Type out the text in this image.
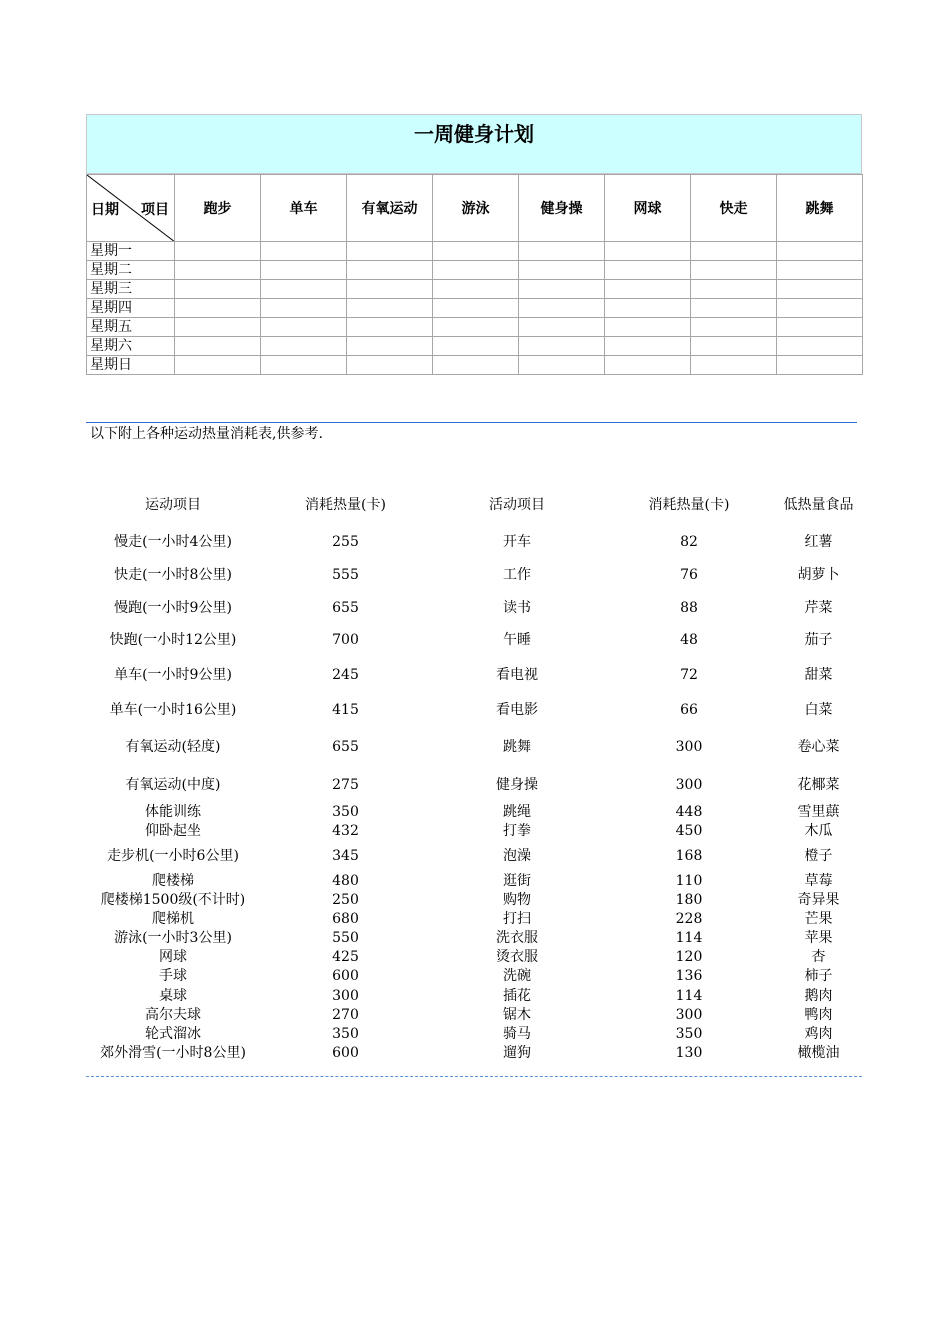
一周健身计划
日期 项目	跑步	单车	有氧运动	游泳	健身操	网球	快走	跳舞
星期一								
星期二								
星期三								
星期四								
星期五								
星期六								
星期日								
以下附上各种运动热量消耗表,供参考.
运动项目	消耗热量(卡)	活动项目	消耗热量(卡)	低热量食品
慢走(一小时4公里)	255	开车	82	红薯
快走(一小时8公里)	555	工作	76	胡萝卜
慢跑(一小时9公里)	655	读书	88	芹菜
快跑(一小时12公里)	700	午睡	48	茄子
单车(一小时9公里)	245	看电视	72	甜菜
单车(一小时16公里)	415	看电影	66	白菜
有氧运动(轻度)	655	跳舞	300	卷心菜
有氧运动(中度)	275	健身操	300	花椰菜
体能训练	350	跳绳	448	雪里蕻
仰卧起坐	432	打拳	450	木瓜
走步机(一小时6公里)	345	泡澡	168	橙子
爬楼梯	480	逛街	110	草莓
爬楼梯1500级(不计时)	250	购物	180	奇异果
爬梯机	680	打扫	228	芒果
游泳(一小时3公里)	550	洗衣服	114	苹果
网球	425	烫衣服	120	杏
手球	600	洗碗	136	柿子
桌球	300	插花	114	鹅肉
高尔夫球	270	锯木	300	鸭肉
轮式溜冰	350	骑马	350	鸡肉
郊外滑雪(一小时8公里)	600	遛狗	130	橄榄油
